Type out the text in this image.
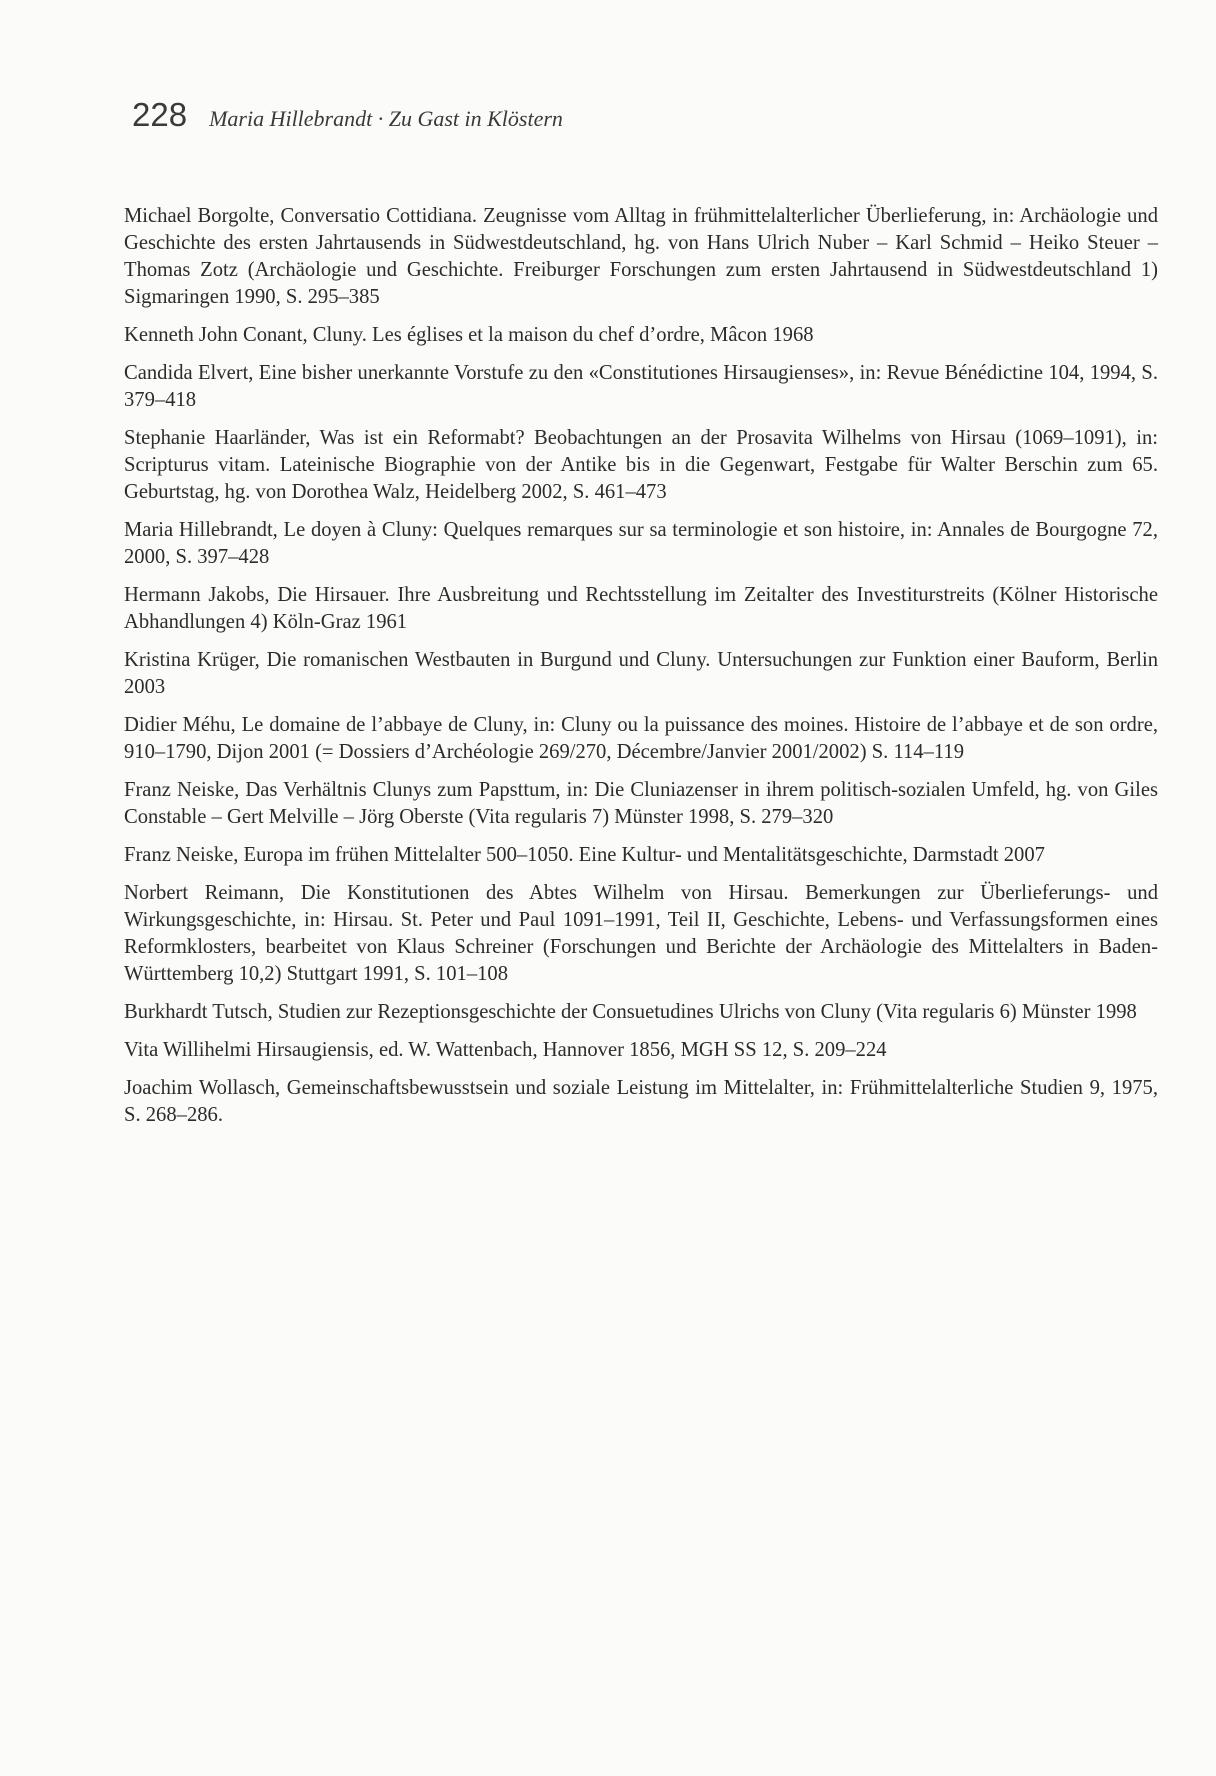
228 Maria Hillebrandt · Zu Gast in Klöstern
Michael Borgolte, Conversatio Cottidiana. Zeugnisse vom Alltag in frühmittelalterlicher Überlieferung, in: Archäologie und Geschichte des ersten Jahrtausends in Südwestdeutschland, hg. von Hans Ulrich Nuber – Karl Schmid – Heiko Steuer – Thomas Zotz (Archäologie und Geschichte. Freiburger Forschungen zum ersten Jahrtausend in Südwestdeutschland 1) Sigmaringen 1990, S. 295–385
Kenneth John Conant, Cluny. Les églises et la maison du chef d’ordre, Mâcon 1968
Candida Elvert, Eine bisher unerkannte Vorstufe zu den «Constitutiones Hirsaugienses», in: Revue Bénédictine 104, 1994, S. 379–418
Stephanie Haarländer, Was ist ein Reformabt? Beobachtungen an der Prosavita Wilhelms von Hirsau (1069–1091), in: Scripturus vitam. Lateinische Biographie von der Antike bis in die Gegenwart, Festgabe für Walter Berschin zum 65. Geburtstag, hg. von Dorothea Walz, Heidelberg 2002, S. 461–473
Maria Hillebrandt, Le doyen à Cluny: Quelques remarques sur sa terminologie et son histoire, in: Annales de Bourgogne 72, 2000, S. 397–428
Hermann Jakobs, Die Hirsauer. Ihre Ausbreitung und Rechtsstellung im Zeitalter des Investiturstreits (Kölner Historische Abhandlungen 4) Köln-Graz 1961
Kristina Krüger, Die romanischen Westbauten in Burgund und Cluny. Untersuchungen zur Funktion einer Bauform, Berlin 2003
Didier Méhu, Le domaine de l’abbaye de Cluny, in: Cluny ou la puissance des moines. Histoire de l’abbaye et de son ordre, 910–1790, Dijon 2001 (= Dossiers d’Archéologie 269/270, Décembre/Janvier 2001/2002) S. 114–119
Franz Neiske, Das Verhältnis Clunys zum Papsttum, in: Die Cluniazenser in ihrem politisch-sozialen Umfeld, hg. von Giles Constable – Gert Melville – Jörg Oberste (Vita regularis 7) Münster 1998, S. 279–320
Franz Neiske, Europa im frühen Mittelalter 500–1050. Eine Kultur- und Mentalitätsgeschichte, Darmstadt 2007
Norbert Reimann, Die Konstitutionen des Abtes Wilhelm von Hirsau. Bemerkungen zur Überlieferungs- und Wirkungsgeschichte, in: Hirsau. St. Peter und Paul 1091–1991, Teil II, Geschichte, Lebens- und Verfassungsformen eines Reformklosters, bearbeitet von Klaus Schreiner (Forschungen und Berichte der Archäologie des Mittelalters in Baden-Württemberg 10,2) Stuttgart 1991, S. 101–108
Burkhardt Tutsch, Studien zur Rezeptionsgeschichte der Consuetudines Ulrichs von Cluny (Vita regularis 6) Münster 1998
Vita Willihelmi Hirsaugiensis, ed. W. Wattenbach, Hannover 1856, MGH SS 12, S. 209–224
Joachim Wollasch, Gemeinschaftsbewusstsein und soziale Leistung im Mittelalter, in: Frühmittelalterliche Studien 9, 1975, S. 268–286.
